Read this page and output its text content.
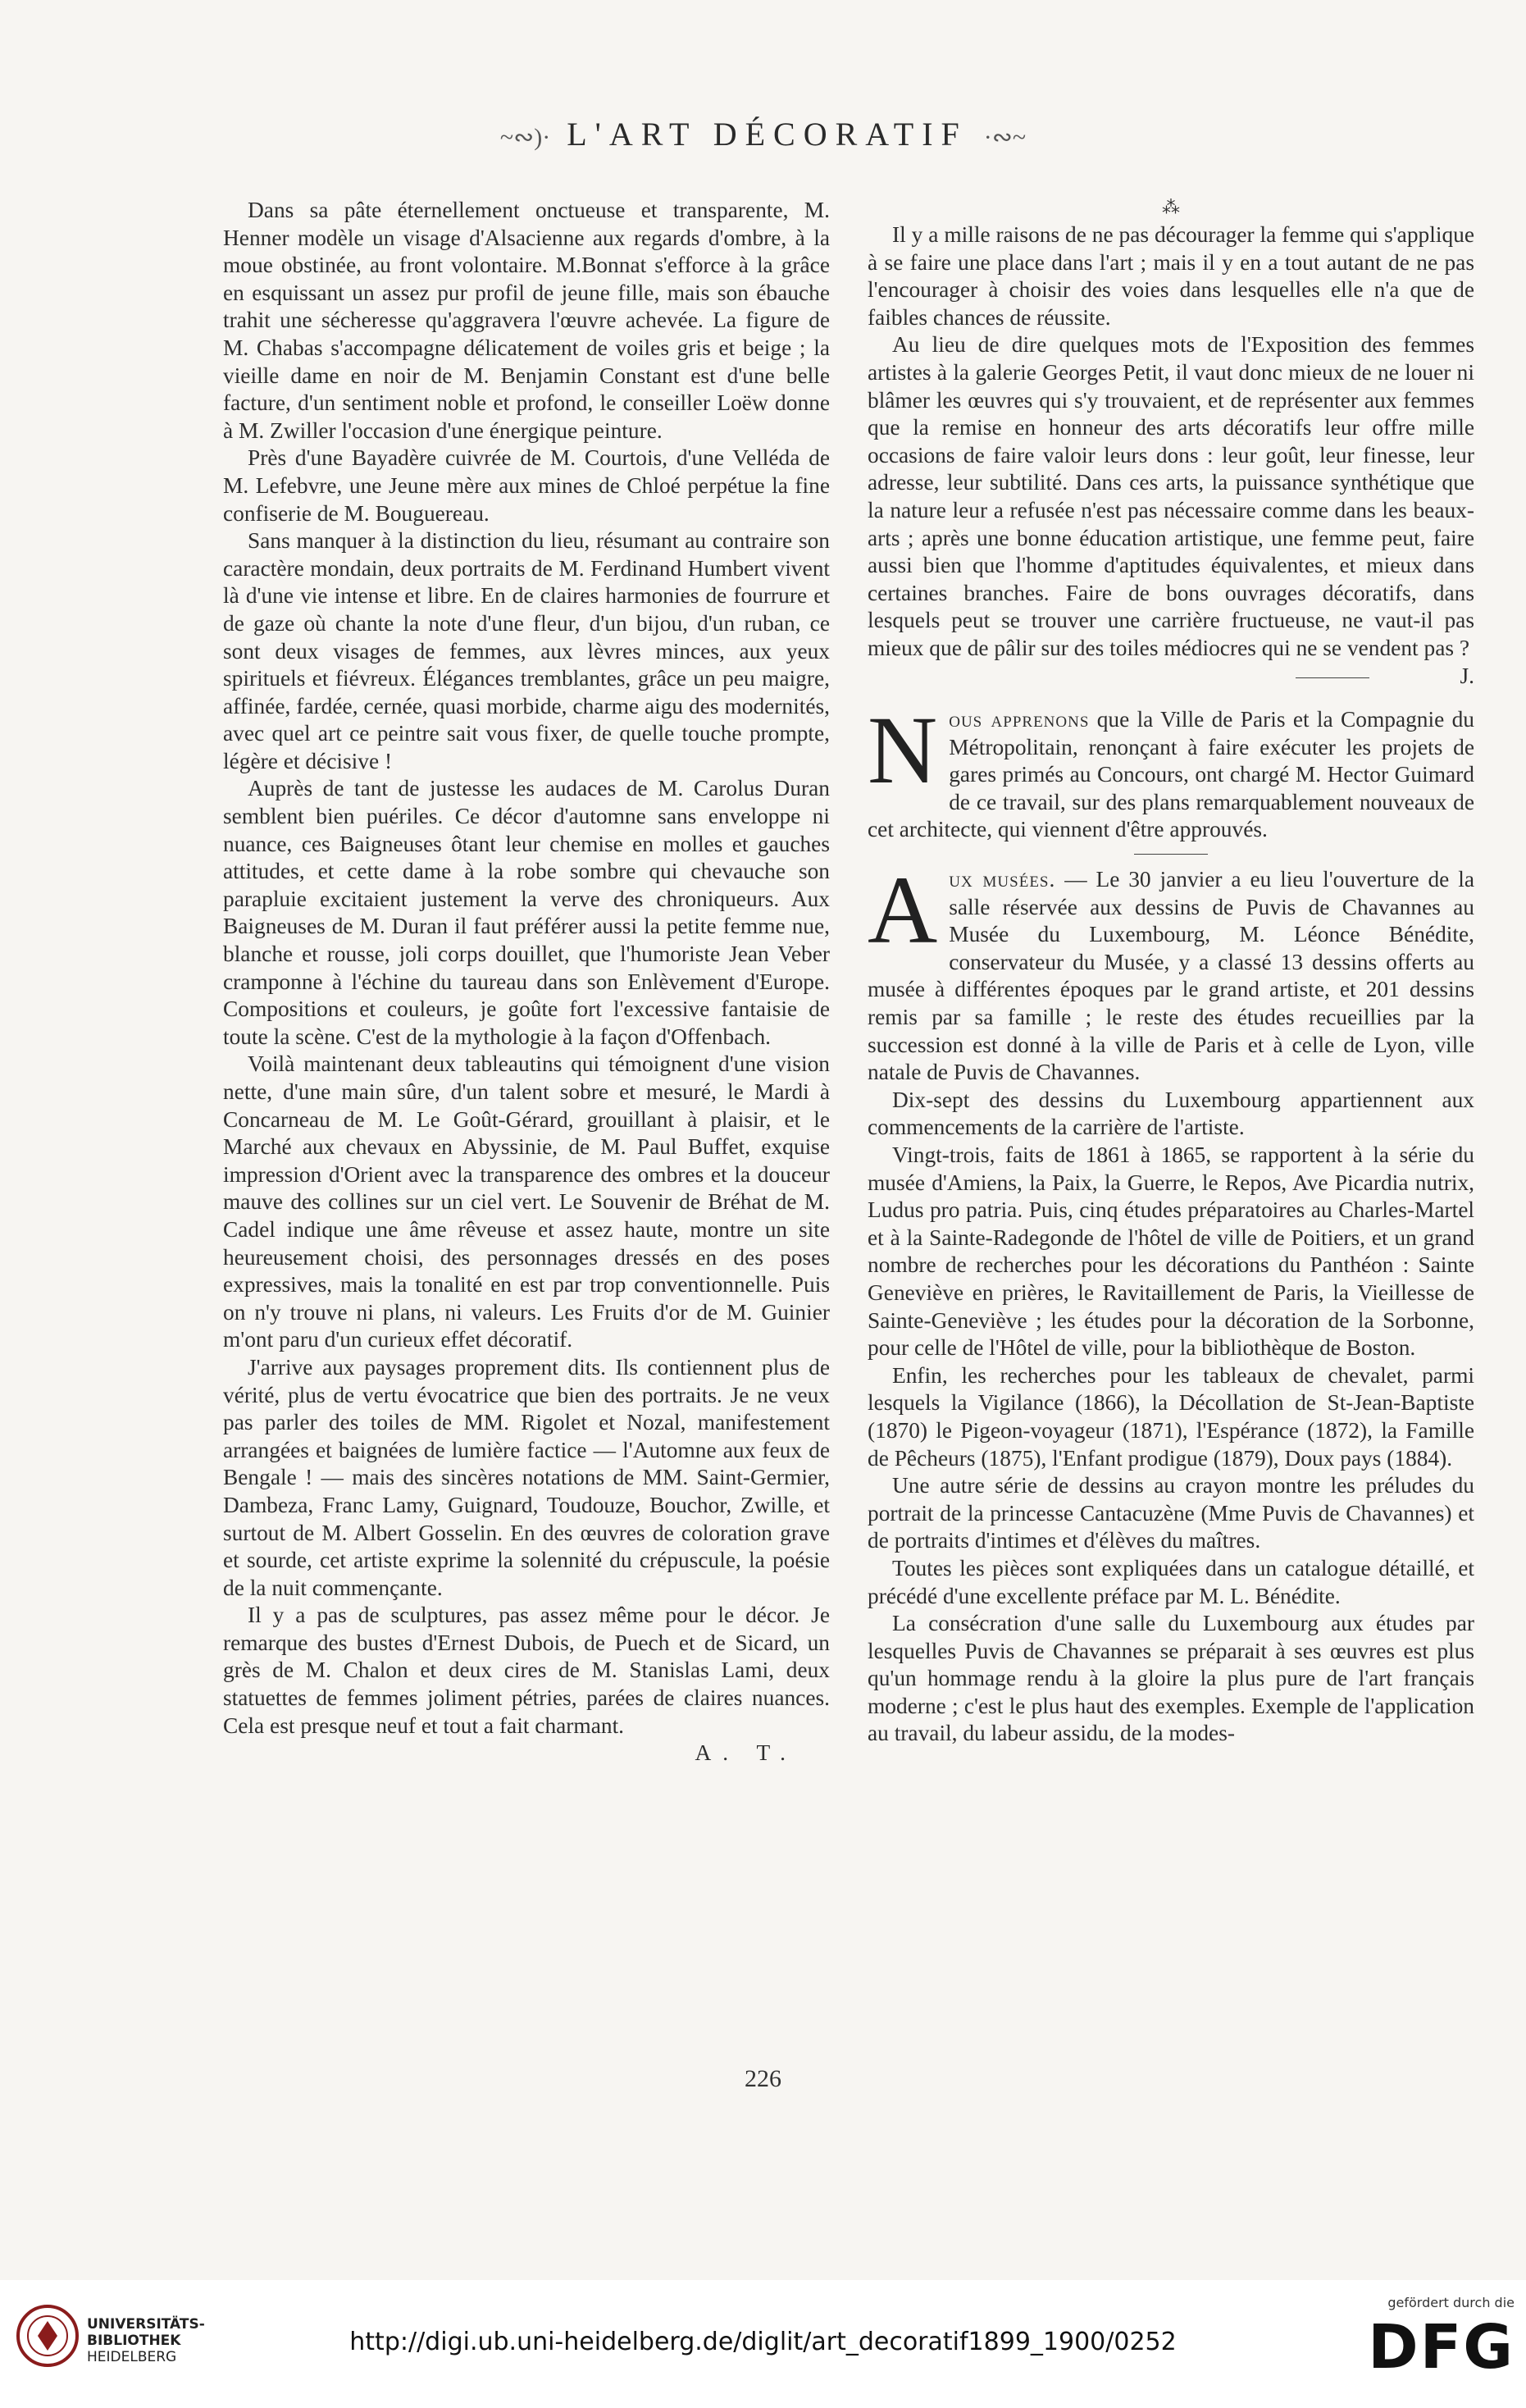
~∾)· L'ART DÉCORATIF ·∾~

Dans sa pâte éternellement onctueuse et transparente, M. Henner modèle un visage d'Alsacienne aux regards d'ombre, à la moue obstinée, au front volontaire. M.Bonnat s'efforce à la grâce en esquissant un assez pur profil de jeune fille, mais son ébauche trahit une sécheresse qu'aggravera l'œuvre achevée. La figure de M. Chabas s'accompagne délicatement de voiles gris et beige ; la vieille dame en noir de M. Benjamin Constant est d'une belle facture, d'un sentiment noble et profond, le conseiller Loëw donne à M. Zwiller l'occasion d'une énergique peinture.

Près d'une Bayadère cuivrée de M. Courtois, d'une Velléda de M. Lefebvre, une Jeune mère aux mines de Chloé perpétue la fine confiserie de M. Bouguereau.

Sans manquer à la distinction du lieu, résumant au contraire son caractère mondain, deux portraits de M. Ferdinand Humbert vivent là d'une vie intense et libre. En de claires harmonies de fourrure et de gaze où chante la note d'une fleur, d'un bijou, d'un ruban, ce sont deux visages de femmes, aux lèvres minces, aux yeux spirituels et fiévreux. Élégances tremblantes, grâce un peu maigre, affinée, fardée, cernée, quasi morbide, charme aigu des modernités, avec quel art ce peintre sait vous fixer, de quelle touche prompte, légère et décisive !

Auprès de tant de justesse les audaces de M. Carolus Duran semblent bien puériles. Ce décor d'automne sans enveloppe ni nuance, ces Baigneuses ôtant leur chemise en molles et gauches attitudes, et cette dame à la robe sombre qui chevauche son parapluie excitaient justement la verve des chroniqueurs. Aux Baigneuses de M. Duran il faut préférer aussi la petite femme nue, blanche et rousse, joli corps douillet, que l'humoriste Jean Veber cramponne à l'échine du taureau dans son Enlèvement d'Europe. Compositions et couleurs, je goûte fort l'excessive fantaisie de toute la scène. C'est de la mythologie à la façon d'Offenbach.

Voilà maintenant deux tableautins qui témoignent d'une vision nette, d'une main sûre, d'un talent sobre et mesuré, le Mardi à Concarneau de M. Le Goût-Gérard, grouillant à plaisir, et le Marché aux chevaux en Abyssinie, de M. Paul Buffet, exquise impression d'Orient avec la transparence des ombres et la douceur mauve des collines sur un ciel vert. Le Souvenir de Bréhat de M. Cadel indique une âme rêveuse et assez haute, montre un site heureusement choisi, des personnages dressés en des poses expressives, mais la tonalité en est par trop conventionnelle. Puis on n'y trouve ni plans, ni valeurs. Les Fruits d'or de M. Guinier m'ont paru d'un curieux effet décoratif.

J'arrive aux paysages proprement dits. Ils contiennent plus de vérité, plus de vertu évocatrice que bien des portraits. Je ne veux pas parler des toiles de MM. Rigolet et Nozal, manifestement arrangées et baignées de lumière factice — l'Automne aux feux de Bengale ! — mais des sincères notations de MM. Saint-Germier, Dambeza, Franc Lamy, Guignard, Toudouze, Bouchor, Zwille, et surtout de M. Albert Gosselin. En des œuvres de coloration grave et sourde, cet artiste exprime la solennité du crépuscule, la poésie de la nuit commençante.

Il y a pas de sculptures, pas assez même pour le décor. Je remarque des bustes d'Ernest Dubois, de Puech et de Sicard, un grès de M. Chalon et deux cires de M. Stanislas Lami, deux statuettes de femmes joliment pétries, parées de claires nuances. Cela est presque neuf et tout a fait charmant.

A. T.

⁂

Il y a mille raisons de ne pas décourager la femme qui s'applique à se faire une place dans l'art ; mais il y en a tout autant de ne pas l'encourager à choisir des voies dans lesquelles elle n'a que de faibles chances de réussite.

Au lieu de dire quelques mots de l'Exposition des femmes artistes à la galerie Georges Petit, il vaut donc mieux de ne louer ni blâmer les œuvres qui s'y trouvaient, et de représenter aux femmes que la remise en honneur des arts décoratifs leur offre mille occasions de faire valoir leurs dons : leur goût, leur finesse, leur adresse, leur subtilité. Dans ces arts, la puissance synthétique que la nature leur a refusée n'est pas nécessaire comme dans les beaux-arts ; après une bonne éducation artistique, une femme peut, faire aussi bien que l'homme d'aptitudes équivalentes, et mieux dans certaines branches. Faire de bons ouvrages décoratifs, dans lesquels peut se trouver une carrière fructueuse, ne vaut-il pas mieux que de pâlir sur des toiles médiocres qui ne se vendent pas ?

J.

N ous apprenons que la Ville de Paris et la Compagnie du Métropolitain, renonçant à faire exécuter les projets de gares primés au Concours, ont chargé M. Hector Guimard de ce travail, sur des plans remarquablement nouveaux de cet architecte, qui viennent d'être approuvés.

A ux musées. — Le 30 janvier a eu lieu l'ouverture de la salle réservée aux dessins de Puvis de Chavannes au Musée du Luxembourg, M. Léonce Bénédite, conservateur du Musée, y a classé 13 dessins offerts au musée à différentes époques par le grand artiste, et 201 dessins remis par sa famille ; le reste des études recueillies par la succession est donné à la ville de Paris et à celle de Lyon, ville natale de Puvis de Chavannes.

Dix-sept des dessins du Luxembourg appartiennent aux commencements de la carrière de l'artiste.

Vingt-trois, faits de 1861 à 1865, se rapportent à la série du musée d'Amiens, la Paix, la Guerre, le Repos, Ave Picardia nutrix, Ludus pro patria. Puis, cinq études préparatoires au Charles-Martel et à la Sainte-Radegonde de l'hôtel de ville de Poitiers, et un grand nombre de recherches pour les décorations du Panthéon : Sainte Geneviève en prières, le Ravitaillement de Paris, la Vieillesse de Sainte-Geneviève ; les études pour la décoration de la Sorbonne, pour celle de l'Hôtel de ville, pour la bibliothèque de Boston.

Enfin, les recherches pour les tableaux de chevalet, parmi lesquels la Vigilance (1866), la Décollation de St-Jean-Baptiste (1870) le Pigeon-voyageur (1871), l'Espérance (1872), la Famille de Pêcheurs (1875), l'Enfant prodigue (1879), Doux pays (1884).

Une autre série de dessins au crayon montre les préludes du portrait de la princesse Cantacuzène (Mme Puvis de Chavannes) et de portraits d'intimes et d'élèves du maîtres.

Toutes les pièces sont expliquées dans un catalogue détaillé, et précédé d'une excellente préface par M. L. Bénédite.

La consécration d'une salle du Luxembourg aux études par lesquelles Puvis de Chavannes se préparait à ses œuvres est plus qu'un hommage rendu à la gloire la plus pure de l'art français moderne ; c'est le plus haut des exemples. Exemple de l'application au travail, du labeur assidu, de la modes-

226
UNIVERSITÄTS-
BIBLIOTHEK
HEIDELBERG
http://digi.ub.uni-heidelberg.de/diglit/art_decoratif1899_1900/0252
gefördert durch die
DFG
